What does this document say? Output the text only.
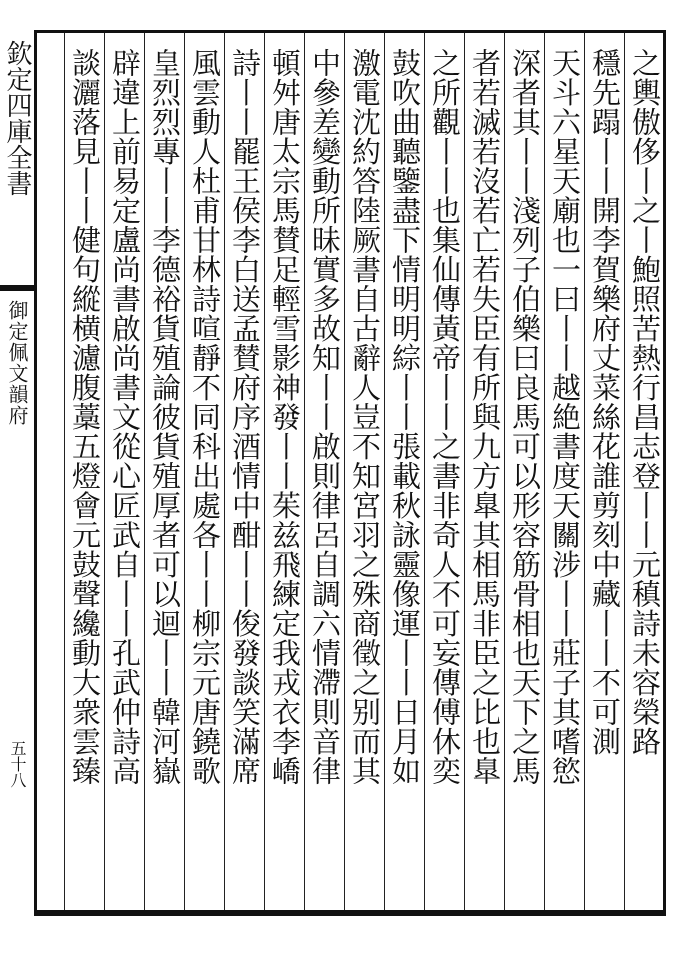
欽定四庫全書
御定佩文韻府
五十八
之輿傲侈丨之丨鮑照苦熱行昌志登丨丨元稹詩未容榮路
穩先蹋丨丨開李賀樂府丈菜絲花誰剪刻中藏丨丨不可測
天斗六星天廟也一曰丨丨越絶書度天關涉丨丨莊子其嗜慾
深者其丨丨淺列子伯樂曰良馬可以形容筋骨相也天下之馬
者若滅若沒若亡若失臣有所與九方臯其相馬非臣之比也臯
之所觀丨丨也集仙傳黃帝丨丨之書非奇人不可妄傳傅休奕
鼓吹曲聽鑒盡下情明明綜丨丨張載秋詠靈像運丨丨日月如
激電沈約答陸厥書自古辭人豈不知宮羽之殊商徵之别而其
中參差變動所昧實多故知丨丨啟則律呂自調六情滯則音律
頓舛唐太宗馬賛足輕雪影神發丨丨茱兹飛練定我戎衣李嶠
詩丨丨罷王侯李白送孟賛府序酒情中酣丨丨俊發談笑滿席
風雲動人杜甫甘林詩喧靜不同科出處各丨丨柳宗元唐鐃歌
皇烈烈專丨丨李德裕貨殖論彼貨殖厚者可以迴丨丨韓河嶽
辟違上前易定盧尚書啟尚書文從心匠武自丨丨孔武仲詩高
談灑落見丨丨健句縱横濾腹藁五燈會元鼓聲纔動大衆雲臻
